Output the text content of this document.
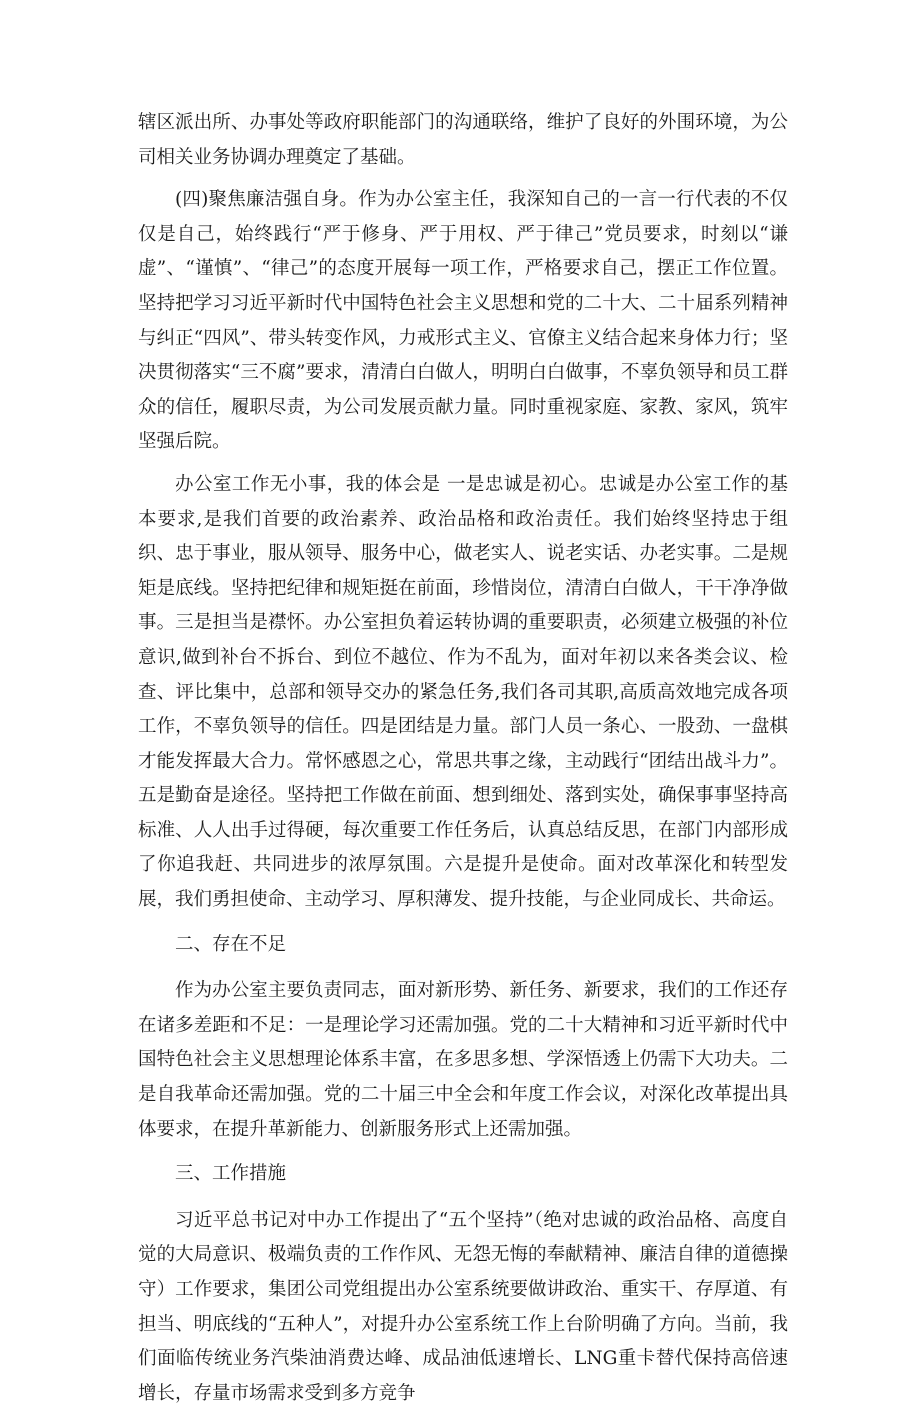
辖区派出所、办事处等政府职能部门的沟通联络，维护了良好的外围环境，为公司相关业务协调办理奠定了基础。

(四)聚焦廉洁强自身。作为办公室主任，我深知自己的一言一行代表的不仅仅是自己，始终践行“严于修身、严于用权、严于律己”党员要求，时刻以“谦虚”、“谨慎”、“律己”的态度开展每一项工作，严格要求自己，摆正工作位置。坚持把学习习近平新时代中国特色社会主义思想和党的二十大、二十届系列精神与纠正“四风”、带头转变作风，力戒形式主义、官僚主义结合起来身体力行；坚决贯彻落实“三不腐”要求，清清白白做人，明明白白做事，不辜负领导和员工群众的信任，履职尽责，为公司发展贡献力量。同时重视家庭、家教、家风，筑牢坚强后院。

办公室工作无小事，我的体会是 一是忠诚是初心。忠诚是办公室工作的基本要求,是我们首要的政治素养、政治品格和政治责任。我们始终坚持忠于组织、忠于事业，服从领导、服务中心，做老实人、说老实话、办老实事。二是规矩是底线。坚持把纪律和规矩挺在前面，珍惜岗位，清清白白做人，干干净净做事。三是担当是襟怀。办公室担负着运转协调的重要职责，必须建立极强的补位意识,做到补台不拆台、到位不越位、作为不乱为，面对年初以来各类会议、检查、评比集中，总部和领导交办的紧急任务,我们各司其职,高质高效地完成各项工作，不辜负领导的信任。四是团结是力量。部门人员一条心、一股劲、一盘棋才能发挥最大合力。常怀感恩之心，常思共事之缘，主动践行“团结出战斗力”。五是勤奋是途径。坚持把工作做在前面、想到细处、落到实处，确保事事坚持高标准、人人出手过得硬，每次重要工作任务后，认真总结反思，在部门内部形成了你追我赶、共同进步的浓厚氛围。六是提升是使命。面对改革深化和转型发展，我们勇担使命、主动学习、厚积薄发、提升技能，与企业同成长、共命运。

二、存在不足

作为办公室主要负责同志，面对新形势、新任务、新要求，我们的工作还存在诸多差距和不足：一是理论学习还需加强。党的二十大精神和习近平新时代中国特色社会主义思想理论体系丰富，在多思多想、学深悟透上仍需下大功夫。二是自我革命还需加强。党的二十届三中全会和年度工作会议，对深化改革提出具体要求，在提升革新能力、创新服务形式上还需加强。

三、工作措施

习近平总书记对中办工作提出了“五个坚持”（绝对忠诚的政治品格、高度自觉的大局意识、极端负责的工作作风、无怨无悔的奉献精神、廉洁自律的道德操守）工作要求，集团公司党组提出办公室系统要做讲政治、重实干、存厚道、有担当、明底线的“五种人”，对提升办公室系统工作上台阶明确了方向。当前，我们面临传统业务汽柴油消费达峰、成品油低速增长、LNG重卡替代保持高倍速增长，存量市场需求受到多方竞争
